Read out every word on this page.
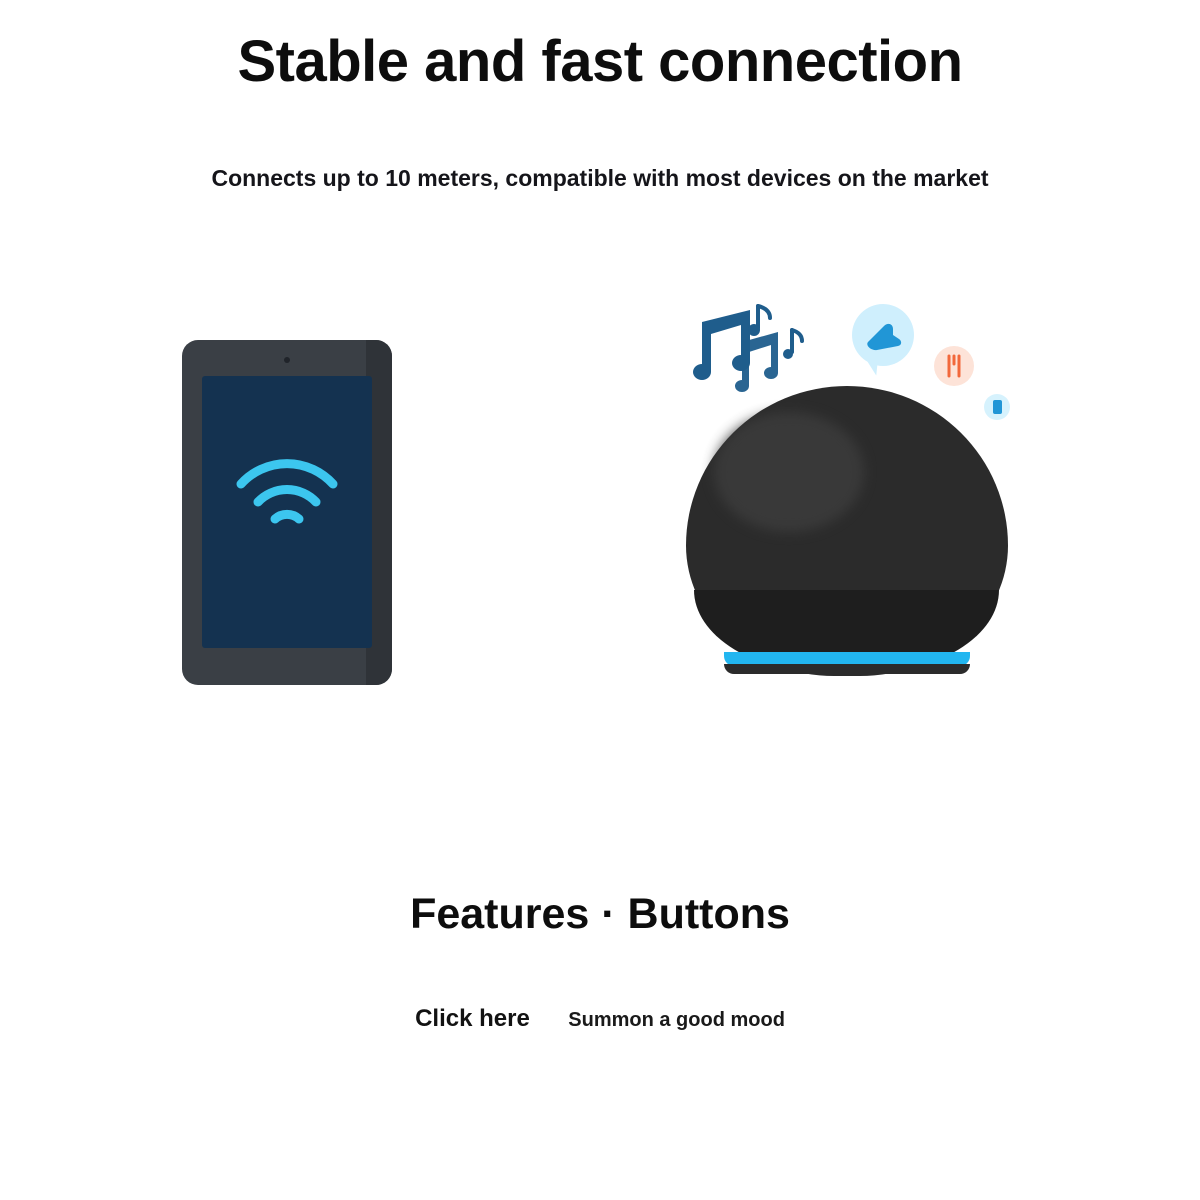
Stable and fast connection
Connects up to 10 meters, compatible with most devices on the market
Features · Buttons
Click here Summon a good mood
